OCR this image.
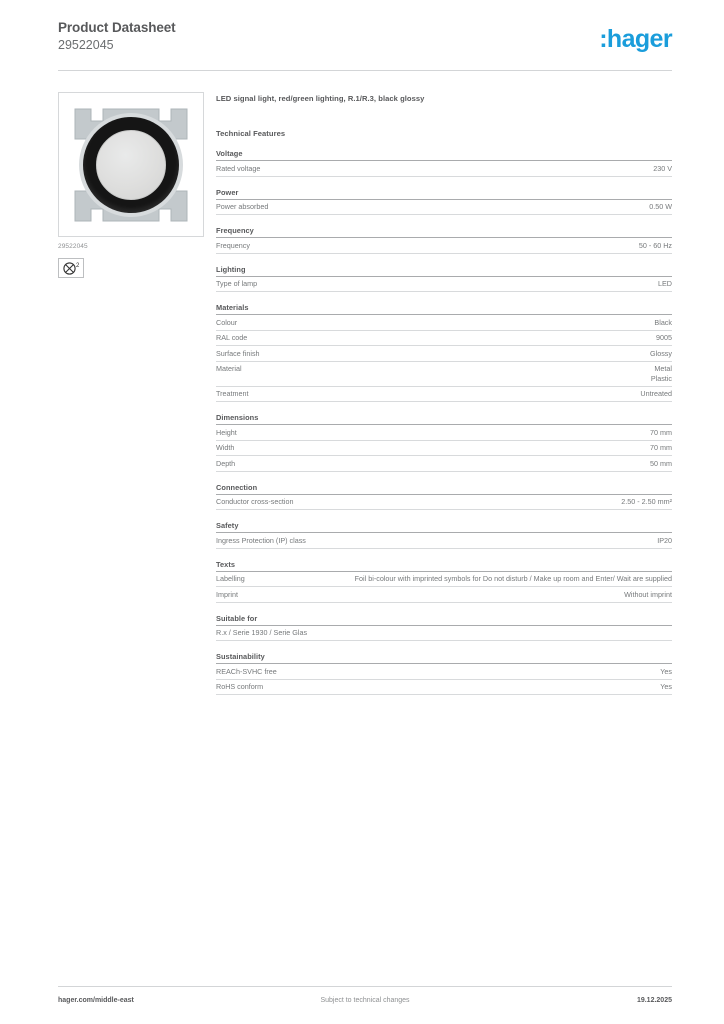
Product Datasheet
29522045	:hager
29522045
2
LED signal light, red/green lighting, R.1/R.3, black glossy
Technical Features
Voltage
Rated voltage	230 V
Power
Power absorbed	0.50 W
Frequency
Frequency	50 - 60 Hz
Lighting
Type of lamp	LED
Materials
Colour	Black
RAL code	9005
Surface finish	Glossy
Material	Metal
Plastic
Treatment	Untreated
Dimensions
Height	70 mm
Width	70 mm
Depth	50 mm
Connection
Conductor cross-section	2.50 - 2.50 mm²
Safety
Ingress Protection (IP) class	IP20
Texts
Labelling	Foil bi-colour with imprinted symbols for Do not disturb / Make up room and Enter/ Wait are supplied
Imprint	Without imprint
Suitable for
R.x / Serie 1930 / Serie Glas
Sustainability
REACh-SVHC free	Yes
RoHS conform	Yes
hager.com/middle-east	Subject to technical changes	19.12.2025
